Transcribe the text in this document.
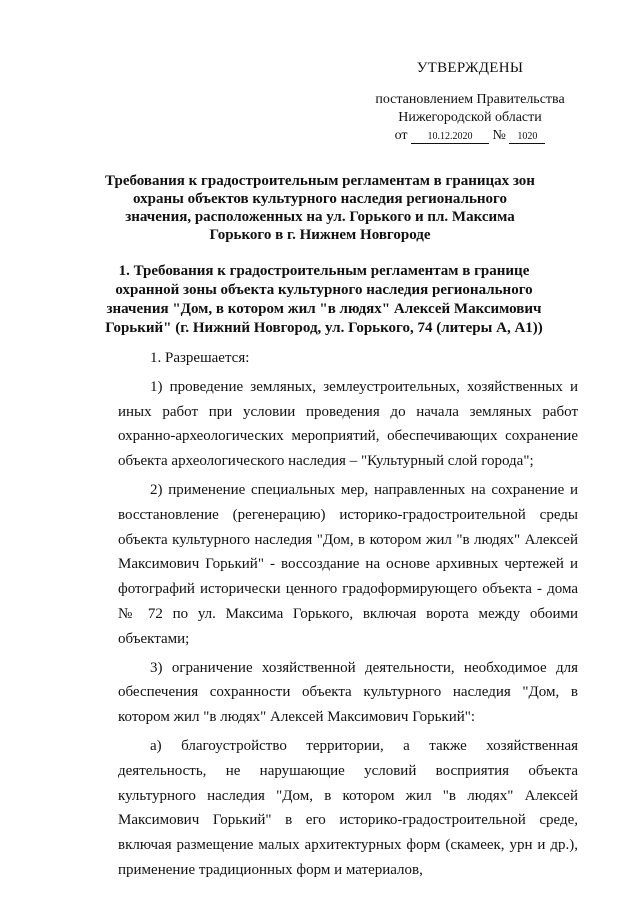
УТВЕРЖДЕНЫ
постановлением Правительства
Нижегородской области
от 10.12.2020 № 1020
Требования к градостроительным регламентам в границах зон охраны объектов культурного наследия регионального значения, расположенных на ул. Горького и пл. Максима Горького в г. Нижнем Новгороде
1. Требования к градостроительным регламентам в границе охранной зоны объекта культурного наследия регионального значения "Дом, в котором жил "в людях" Алексей Максимович Горький" (г. Нижний Новгород, ул. Горького, 74 (литеры А, А1))

1. Разрешается:

1) проведение земляных, землеустроительных, хозяйственных и иных работ при условии проведения до начала земляных работ охранно-археологических мероприятий, обеспечивающих сохранение объекта археологического наследия – "Культурный слой города";

2) применение специальных мер, направленных на сохранение и восстановление (регенерацию) историко-градостроительной среды объекта культурного наследия "Дом, в котором жил "в людях" Алексей Максимович Горький" - воссоздание на основе архивных чертежей и фотографий исторически ценного градоформирующего объекта - дома № 72 по ул. Максима Горького, включая ворота между обоими объектами;

3) ограничение хозяйственной деятельности, необходимое для обеспечения сохранности объекта культурного наследия "Дом, в котором жил "в людях" Алексей Максимович Горький":

а) благоустройство территории, а также хозяйственная деятельность, не нарушающие условий восприятия объекта культурного наследия "Дом, в котором жил "в людях" Алексей Максимович Горький" в его историко-градостроительной среде, включая размещение малых архитектурных форм (скамеек, урн и др.), применение традиционных форм и материалов,
